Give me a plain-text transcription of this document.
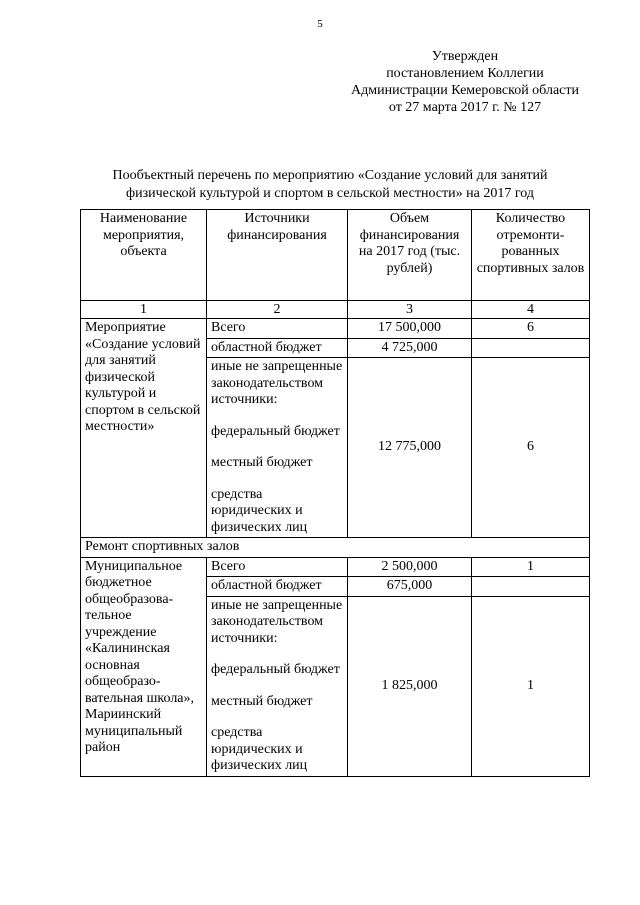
5
Утвержден
постановлением Коллегии
Администрации Кемеровской области
от 27 марта 2017 г. № 127
Пообъектный перечень по мероприятию «Создание условий для занятий
физической культурой и спортом в сельской местности» на 2017 год
Наименование мероприятия, объекта	Источники финансирования	Объем финансирования на 2017 год (тыс. рублей)	Количество отремонти-рованных спортивных залов
1	2	3	4
Мероприятие «Создание условий для занятий физической культурой и спортом в сельской местности»	Всего	17 500,000	6
	областной бюджет	4 725,000	

	иные не запрещенные законодательством источники:

федеральный бюджет

местный бюджет

средства юридических и физических лиц	12 775,000	6
Ремонт спортивных залов			
Муниципальное бюджетное общеобразова-тельное учреждение «Калининская основная общеобразо-вательная школа», Мариинский муниципальный район	Всего	2 500,000	1
	областной бюджет	675,000	

	иные не запрещенные законодательством источники:

федеральный бюджет

местный бюджет

средства юридических и физических лиц	1 825,000	1
